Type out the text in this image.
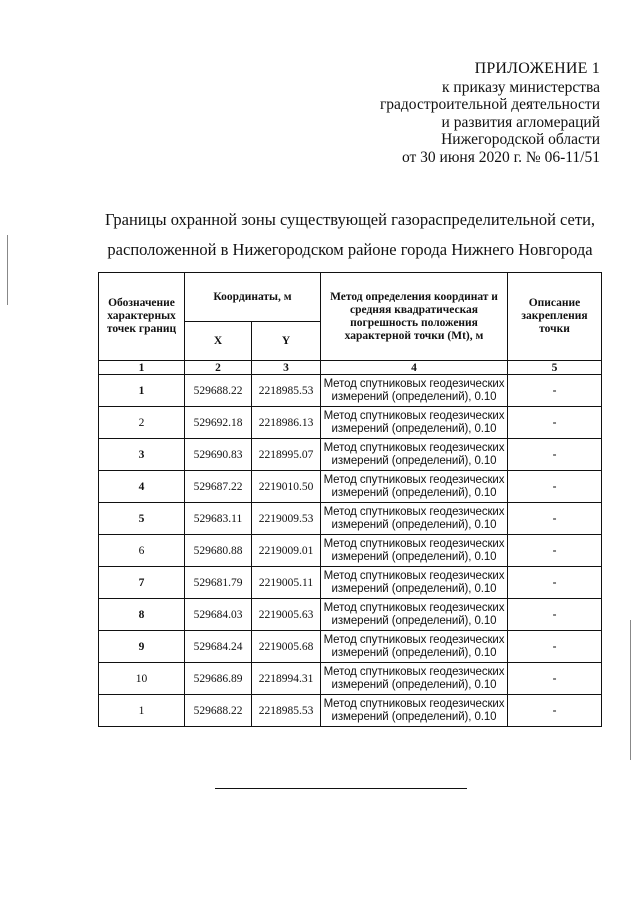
ПРИЛОЖЕНИЕ 1
к приказу министерства
градостроительной деятельности
и развития агломераций
Нижегородской области
от 30 июня 2020 г. № 06-11/51
Границы охранной зоны существующей газораспределительной сети,
расположенной в Нижегородском районе города Нижнего Новгорода
Обозначение характерных точек границ	Координаты, м		Метод определения координат и средняя квадратическая погрешность положения характерной точки (Mt), м	Описание закрепления точки
	X	Y		
1	2	3	4	5
1	529688.22	2218985.53	Метод спутниковых геодезических измерений (определений), 0.10	-
2	529692.18	2218986.13	Метод спутниковых геодезических измерений (определений), 0.10	-
3	529690.83	2218995.07	Метод спутниковых геодезических измерений (определений), 0.10	-
4	529687.22	2219010.50	Метод спутниковых геодезических измерений (определений), 0.10	-
5	529683.11	2219009.53	Метод спутниковых геодезических измерений (определений), 0.10	-
6	529680.88	2219009.01	Метод спутниковых геодезических измерений (определений), 0.10	-
7	529681.79	2219005.11	Метод спутниковых геодезических измерений (определений), 0.10	-
8	529684.03	2219005.63	Метод спутниковых геодезических измерений (определений), 0.10	-
9	529684.24	2219005.68	Метод спутниковых геодезических измерений (определений), 0.10	-
10	529686.89	2218994.31	Метод спутниковых геодезических измерений (определений), 0.10	-
1	529688.22	2218985.53	Метод спутниковых геодезических измерений (определений), 0.10	-
